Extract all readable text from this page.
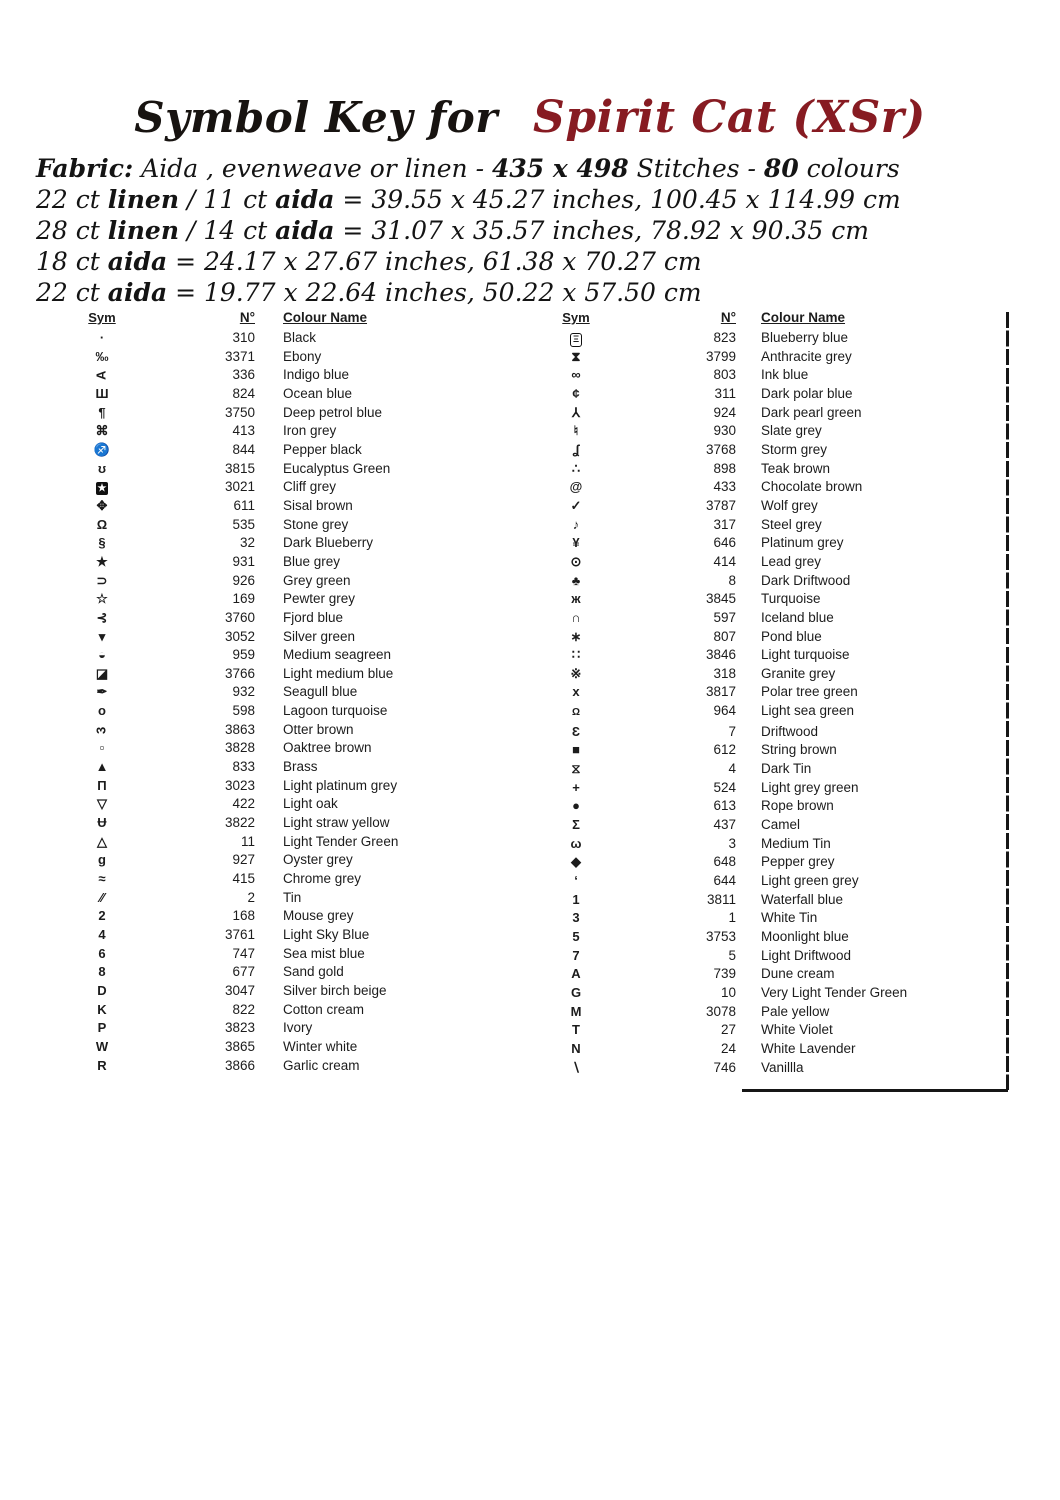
Symbol Key for Spirit Cat (XSr)
Fabric: Aida , evenweave or linen - 435 x 498 Stitches - 80 colours
22 ct linen / 11 ct aida = 39.55 x 45.27 inches, 100.45 x 114.99 cm
28 ct linen / 14 ct aida = 31.07 x 35.57 inches, 78.92 x 90.35 cm
18 ct aida = 24.17 x 27.67 inches, 61.38 x 70.27 cm
22 ct aida = 19.77 x 22.64 inches, 50.22 x 57.50 cm
Sym	N°	Colour Name
·	310	Black
‰	3371	Ebony
A	336	Indigo blue
Ш	824	Ocean blue
¶	3750	Deep petrol blue
⌘	413	Iron grey
♐	844	Pepper black
ʊ	3815	Eucalyptus Green
★	3021	Cliff grey
✥	611	Sisal brown
Ω	535	Stone grey
§	32	Dark Blueberry
★	931	Blue grey
⊃	926	Grey green
☆	169	Pewter grey
⊰	3760	Fjord blue
▾	3052	Silver green
◒	959	Medium seagreen
◪	3766	Light medium blue
✒	932	Seagull blue
o	598	Lagoon turquoise
3	3863	Otter brown
▫	3828	Oaktree brown
▲	833	Brass
Π	3023	Light platinum grey
▽	422	Light oak
Ʉ	3822	Light straw yellow
△	11	Light Tender Green
ɡ	927	Oyster grey
≈	415	Chrome grey
∕∕	2	Tin
2	168	Mouse grey
4	3761	Light Sky Blue
6	747	Sea mist blue
8	677	Sand gold
D	3047	Silver birch beige
K	822	Cotton cream
P	3823	Ivory
W	3865	Winter white
R	3866	Garlic cream
Sym	N°	Colour Name
Ξ	823	Blueberry blue
⧗	3799	Anthracite grey
∞	803	Ink blue
¢	311	Dark polar blue
⅄	924	Dark pearl green
♮	930	Slate grey
ʆ	3768	Storm grey
∴	898	Teak brown
@	433	Chocolate brown
✓	3787	Wolf grey
♪	317	Steel grey
¥	646	Platinum grey
⊙	414	Lead grey
♣	8	Dark Driftwood
ж	3845	Turquoise
∩	597	Iceland blue
∗	807	Pond blue
∷	3846	Light turquoise
※	318	Granite grey
x	3817	Polar tree green
Ω	964	Light sea green
Ɛ	7	Driftwood
■	612	String brown
⧖	4	Dark Tin
+	524	Light grey green
●	613	Rope brown
Σ	437	Camel
ω	3	Medium Tin
◆	648	Pepper grey
‘	644	Light green grey
1	3811	Waterfall blue
3	1	White Tin
5	3753	Moonlight blue
7	5	Light Driftwood
A	739	Dune cream
G	10	Very Light Tender Green
M	3078	Pale yellow
T	27	White Violet
N	24	White Lavender
∖	746	Vanillla
